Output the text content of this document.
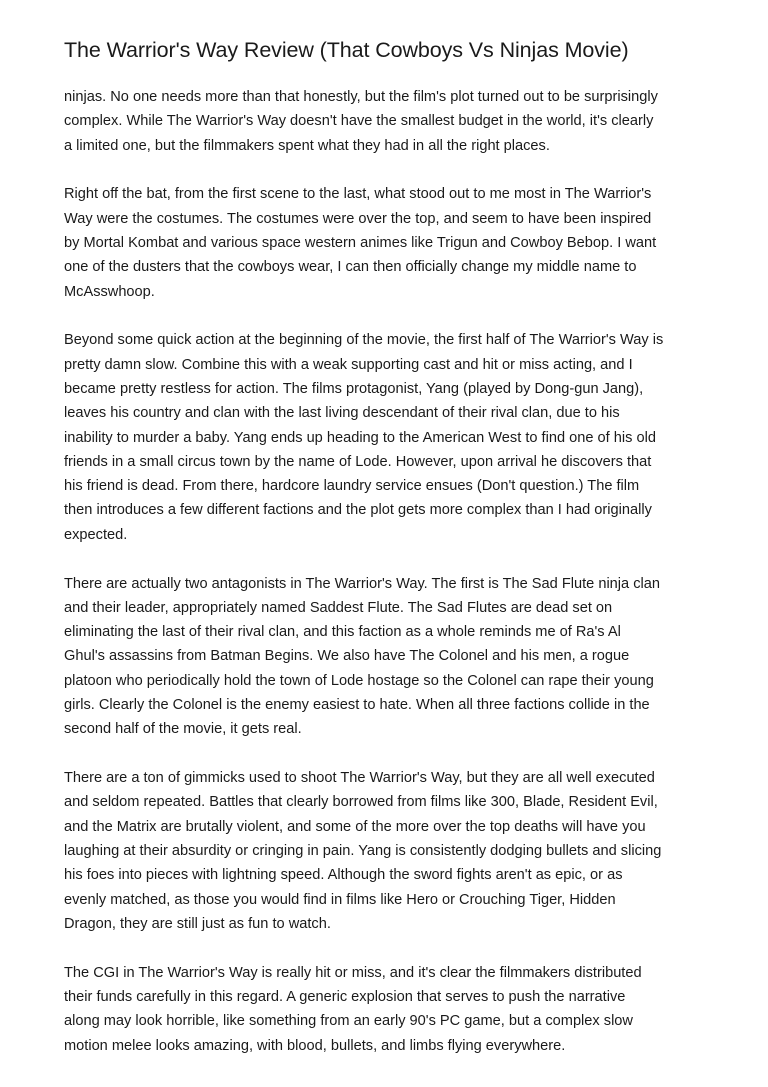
The Warrior's Way Review (That Cowboys Vs Ninjas Movie)

ninjas. No one needs more than that honestly, but the film's plot turned out to be surprisingly
complex. While The Warrior's Way doesn't have the smallest budget in the world, it's clearly
a limited one, but the filmmakers spent what they had in all the right places.

Right off the bat, from the first scene to the last, what stood out to me most in The Warrior's
Way were the costumes. The costumes were over the top, and seem to have been inspired
by Mortal Kombat and various space western animes like Trigun and Cowboy Bebop. I want
one of the dusters that the cowboys wear, I can then officially change my middle name to
McAsswhoop.

Beyond some quick action at the beginning of the movie, the first half of The Warrior's Way is
pretty damn slow. Combine this with a weak supporting cast and hit or miss acting, and I
became pretty restless for action. The films protagonist, Yang (played by Dong-gun Jang),
leaves his country and clan with the last living descendant of their rival clan, due to his
inability to murder a baby. Yang ends up heading to the American West to find one of his old
friends in a small circus town by the name of Lode. However, upon arrival he discovers that
his friend is dead. From there, hardcore laundry service ensues (Don't question.) The film
then introduces a few different factions and the plot gets more complex than I had originally
expected.

There are actually two antagonists in The Warrior's Way. The first is The Sad Flute ninja clan
and their leader, appropriately named Saddest Flute. The Sad Flutes are dead set on
eliminating the last of their rival clan, and this faction as a whole reminds me of Ra's Al
Ghul's assassins from Batman Begins. We also have The Colonel and his men, a rogue
platoon who periodically hold the town of Lode hostage so the Colonel can rape their young
girls. Clearly the Colonel is the enemy easiest to hate. When all three factions collide in the
second half of the movie, it gets real.

There are a ton of gimmicks used to shoot The Warrior's Way, but they are all well executed
and seldom repeated. Battles that clearly borrowed from films like 300, Blade, Resident Evil,
and the Matrix are brutally violent, and some of the more over the top deaths will have you
laughing at their absurdity or cringing in pain. Yang is consistently dodging bullets and slicing
his foes into pieces with lightning speed. Although the sword fights aren't as epic, or as
evenly matched, as those you would find in films like Hero or Crouching Tiger, Hidden
Dragon, they are still just as fun to watch.

The CGI in The Warrior's Way is really hit or miss, and it's clear the filmmakers distributed
their funds carefully in this regard. A generic explosion that serves to push the narrative
along may look horrible, like something from an early 90's PC game, but a complex slow
motion melee looks amazing, with blood, bullets, and limbs flying everywhere.
